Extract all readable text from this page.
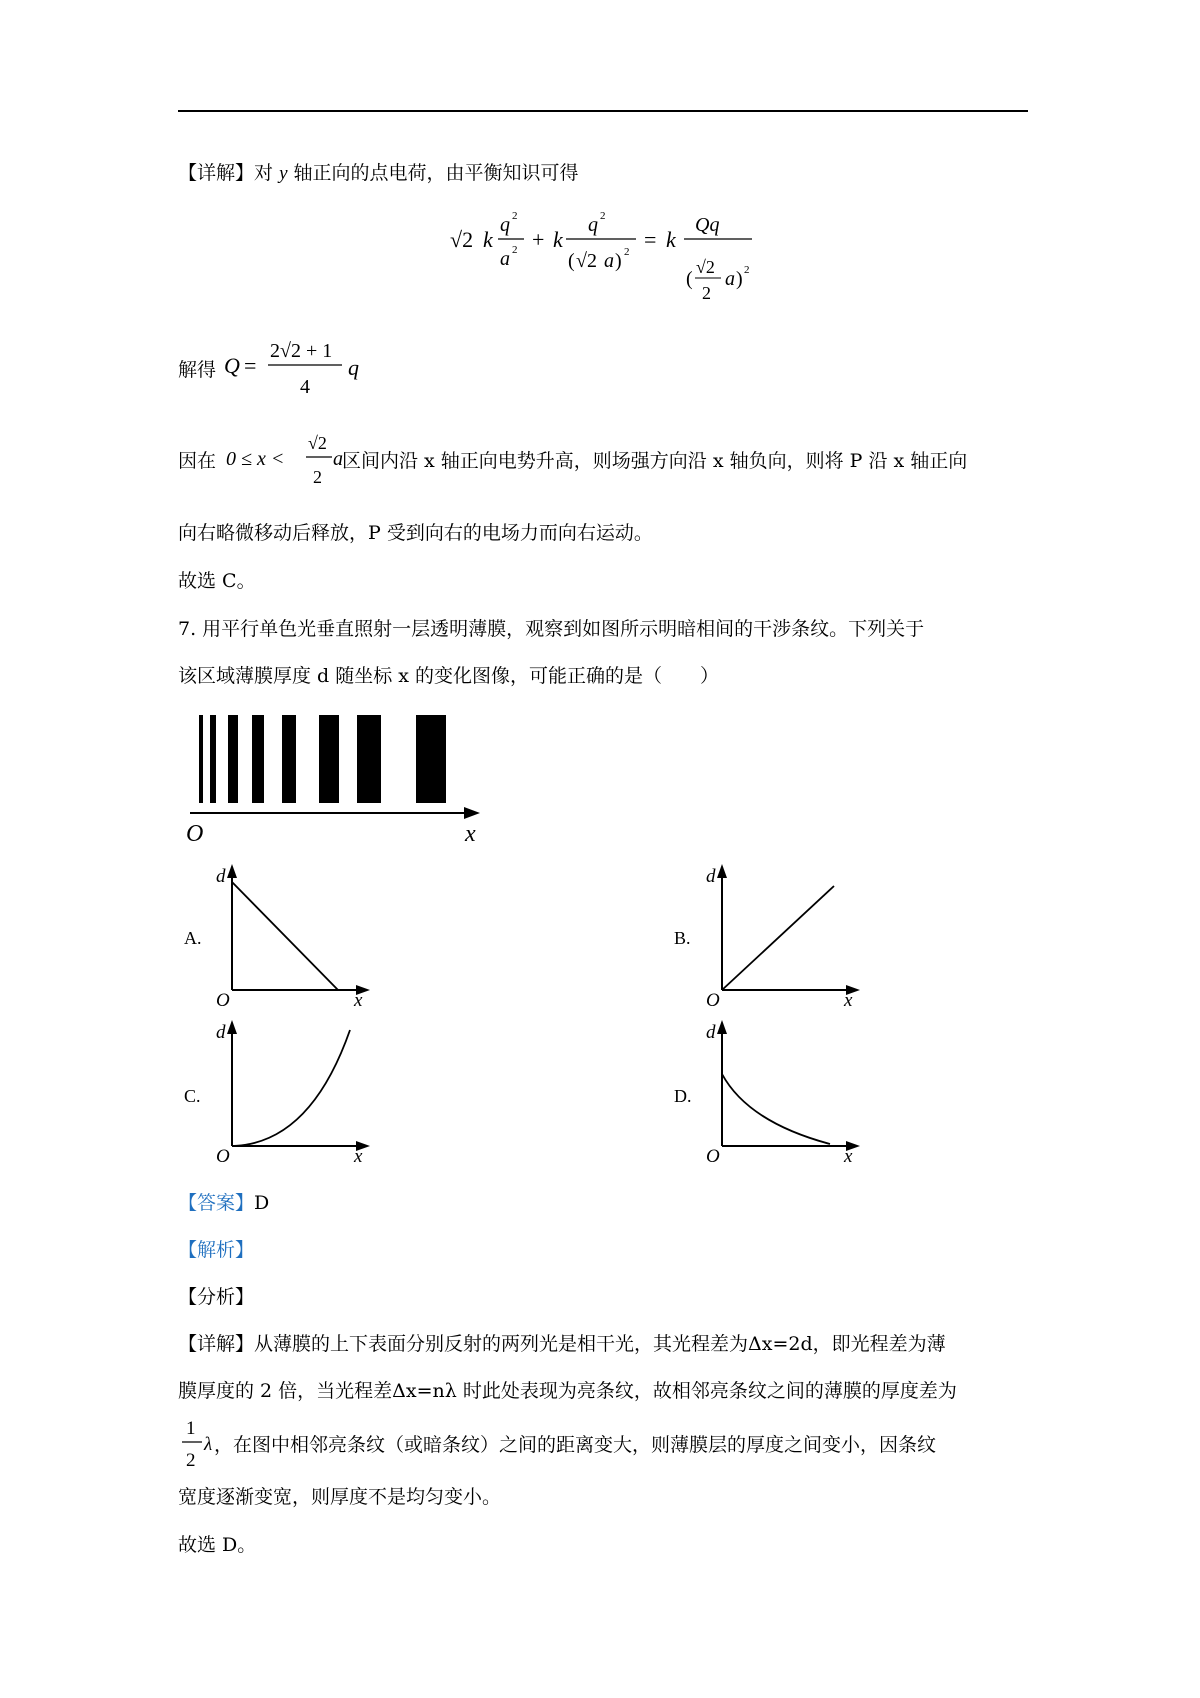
【详解】对 y 轴正向的点电荷，由平衡知识可得
√2 k
q 2
a 2 + k
q 2
( √2 a ) 2 = k
Qq
(
√2
2
a ) 2
解得 Q =
2√2 + 1
4
q
因在 0 ≤ x <
√2
2
a 区间内沿 x 轴正向电势升高，则场强方向沿 x 轴负向，则将 P 沿 x 轴正向
向右略微移动后释放，P 受到向右的电场力而向右运动。
故选 C。
7. 用平行单色光垂直照射一层透明薄膜，观察到如图所示明暗相间的干涉条纹。下列关于
该区域薄膜厚度 d 随坐标 x 的变化图像，可能正确的是（　　）
O	x
A.
d
O	x
B.
d
O	x
C.
d
O	x
D.
d
O	x
【答案】D
【解析】
【分析】
【详解】从薄膜的上下表面分别反射的两列光是相干光，其光程差为Δx=2d，即光程差为薄
膜厚度的 2 倍，当光程差Δx=nλ 时此处表现为亮条纹，故相邻亮条纹之间的薄膜的厚度差为
1
2
λ ，在图中相邻亮条纹（或暗条纹）之间的距离变大，则薄膜层的厚度之间变小，因条纹
宽度逐渐变宽，则厚度不是均匀变小。
故选 D。
